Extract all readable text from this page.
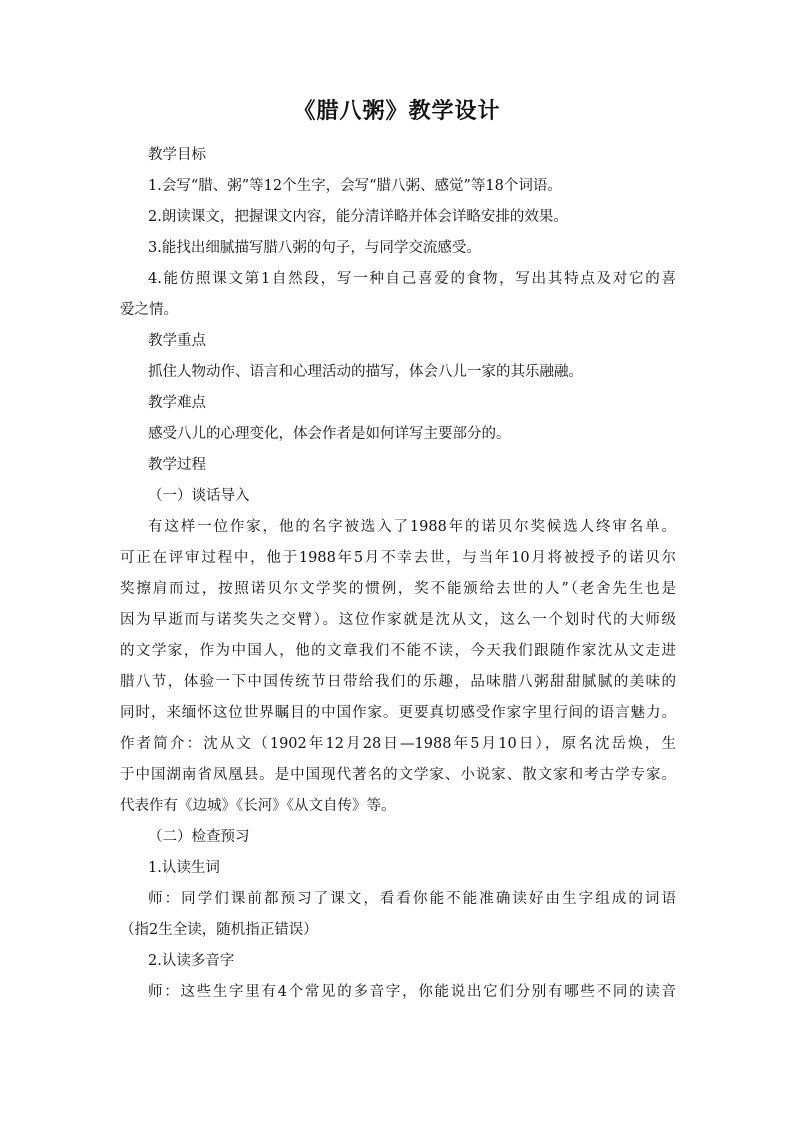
《腊八粥》教学设计
教学目标
1.会写“腊、粥”等12个生字，会写“腊八粥、感觉”等18个词语。
2.朗读课文，把握课文内容，能分清详略并体会详略安排的效果。
3.能找出细腻描写腊八粥的句子，与同学交流感受。
4.能仿照课文第1自然段，写一种自己喜爱的食物，写出其特点及对它的喜
爱之情。
教学重点
抓住人物动作、语言和心理活动的描写，体会八儿一家的其乐融融。
教学难点
感受八儿的心理变化，体会作者是如何详写主要部分的。
教学过程
（一）谈话导入
有这样一位作家，他的名字被选入了1988年的诺贝尔奖候选人终审名单。
可正在评审过程中，他于1988年5月不幸去世，与当年10月将被授予的诺贝尔
奖擦肩而过，按照诺贝尔文学奖的惯例，奖不能颁给去世的人”（老舍先生也是
因为早逝而与诺奖失之交臂）。这位作家就是沈从文，这么一个划时代的大师级
的文学家，作为中国人，他的文章我们不能不读，今天我们跟随作家沈从文走进
腊八节，体验一下中国传统节日带给我们的乐趣，品味腊八粥甜甜腻腻的美味的
同时，来缅怀这位世界瞩目的中国作家。更要真切感受作家字里行间的语言魅力。
作者简介：沈从文（1902年12月28日—1988年5月10日），原名沈岳焕，生
于中国湖南省凤凰县。是中国现代著名的文学家、小说家、散文家和考古学专家。
代表作有《边城》《长河》《从文自传》等。
（二）检查预习
1.认读生词
师：同学们课前都预习了课文，看看你能不能准确读好由生字组成的词语
（指2生全读，随机指正错误）
2.认读多音字
师：这些生字里有4个常见的多音字，你能说出它们分别有哪些不同的读音
